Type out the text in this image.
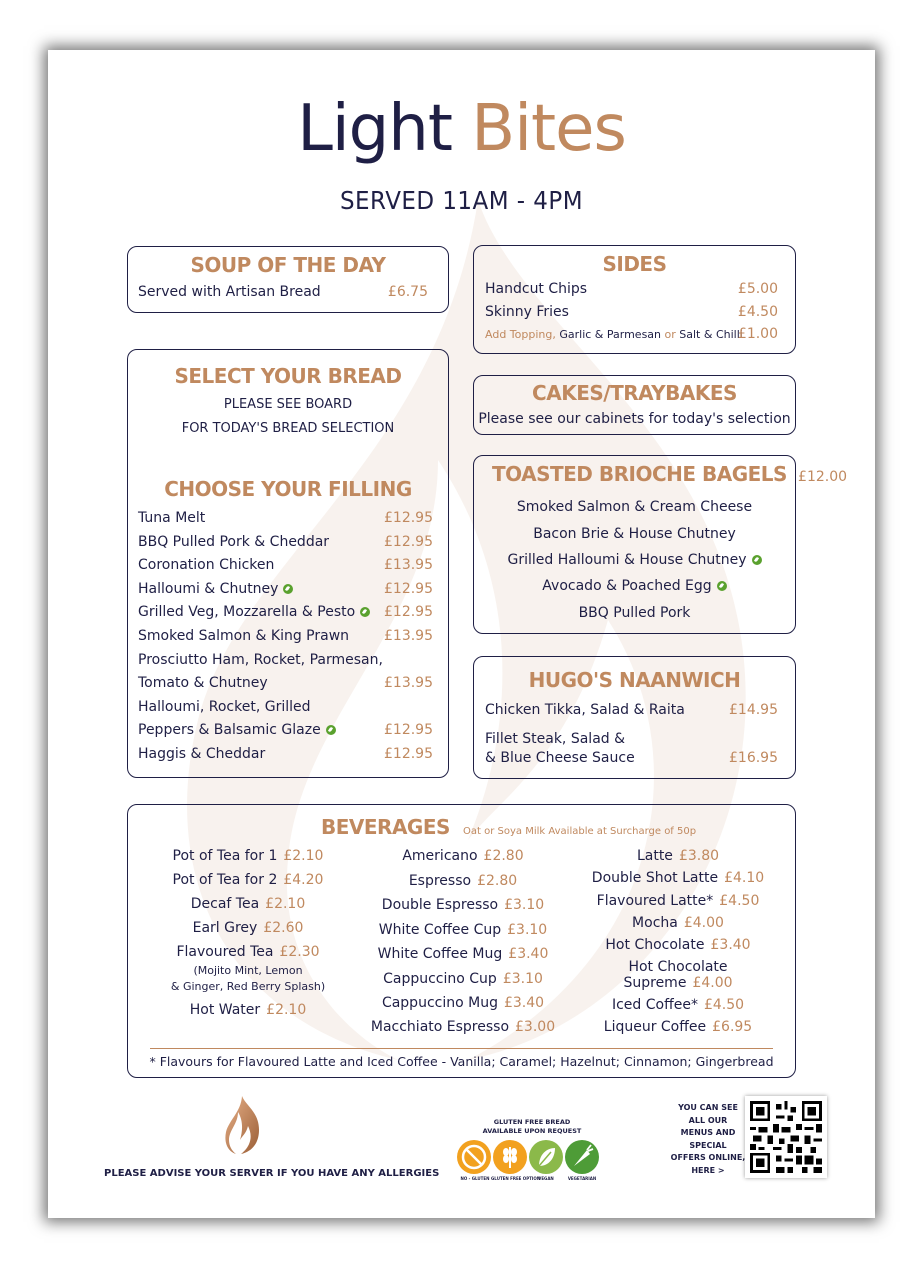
Light Bites
SERVED 11AM - 4PM
SOUP OF THE DAY
Served with Artisan Bread	£6.75
SELECT YOUR BREAD
PLEASE SEE BOARD
FOR TODAY'S BREAD SELECTION
CHOOSE YOUR FILLING
Tuna Melt	£12.95
BBQ Pulled Pork & Cheddar	£12.95
Coronation Chicken	£13.95
Halloumi & Chutney	£12.95
Grilled Veg, Mozzarella & Pesto	£12.95
Smoked Salmon & King Prawn £13.95
Prosciutto Ham, Rocket, Parmesan,
Tomato & Chutney	£13.95
Halloumi, Rocket, Grilled
Peppers & Balsamic Glaze	£12.95
Haggis & Cheddar	£12.95
SIDES
Handcut Chips	£5.00
Skinny Fries	£4.50
Add Topping, Garlic & Parmesan or Salt & Chilli
£1.00
CAKES/TRAYBAKES
Please see our cabinets for today's selection
TOASTED BRIOCHE BAGELS £12.00
Smoked Salmon & Cream Cheese
Bacon Brie & House Chutney
Grilled Halloumi & House Chutney
Avocado & Poached Egg
BBQ Pulled Pork
HUGO'S NAANWICH
Chicken Tikka, Salad & Raita	£14.95
Fillet Steak, Salad &
& Blue Cheese Sauce	£16.95
BEVERAGES Oat or Soya Milk Available at Surcharge of 50p
Pot of Tea for 1 £2.10
Pot of Tea for 2 £4.20
Decaf Tea £2.10
Earl Grey £2.60
Flavoured Tea £2.30
(Mojito Mint, Lemon
& Ginger, Red Berry Splash)
Hot Water £2.10
Americano £2.80
Espresso £2.80
Double Espresso £3.10
White Coffee Cup £3.10
White Coffee Mug £3.40
Cappuccino Cup £3.10
Cappuccino Mug £3.40
Macchiato Espresso £3.00
Latte £3.80
Double Shot Latte £4.10
Flavoured Latte* £4.50
Mocha £4.00
Hot Chocolate £3.40
Hot Chocolate
Supreme £4.00
Iced Coffee* £4.50
Liqueur Coffee £6.95
* Flavours for Flavoured Latte and Iced Coffee - Vanilla; Caramel; Hazelnut; Cinnamon; Gingerbread
PLEASE ADVISE YOUR SERVER IF YOU HAVE ANY ALLERGIES
GLUTEN FREE BREAD
AVAILABLE UPON REQUEST
NO - GLUTEN GLUTEN FREE OPTION
VEGAN	VEGETARIAN
YOU CAN SEE
ALL OUR
MENUS AND
SPECIAL
OFFERS ONLINE,
HERE >
